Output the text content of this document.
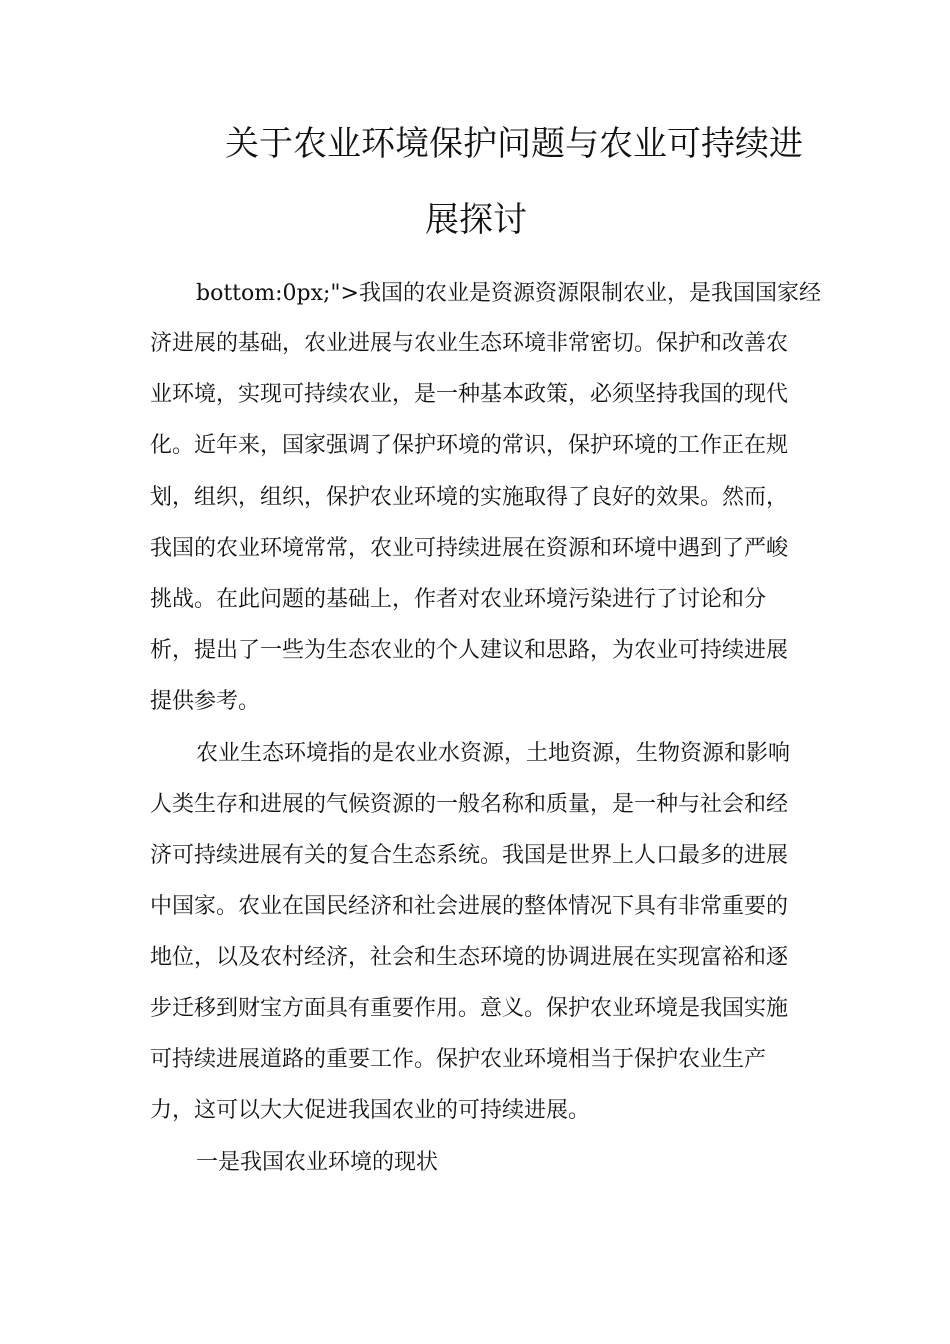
关于农业环境保护问题与农业可持续进
展探讨
bottom:0px;">我国的农业是资源资源限制农业，是我国国家经
济进展的基础，农业进展与农业生态环境非常密切。保护和改善农
业环境，实现可持续农业，是一种基本政策，必须坚持我国的现代
化。近年来，国家强调了保护环境的常识，保护环境的工作正在规
划，组织，组织，保护农业环境的实施取得了良好的效果。然而，
我国的农业环境常常，农业可持续进展在资源和环境中遇到了严峻
挑战。在此问题的基础上，作者对农业环境污染进行了讨论和分
析，提出了一些为生态农业的个人建议和思路，为农业可持续进展
提供参考。
农业生态环境指的是农业水资源，土地资源，生物资源和影响
人类生存和进展的气候资源的一般名称和质量，是一种与社会和经
济可持续进展有关的复合生态系统。我国是世界上人口最多的进展
中国家。农业在国民经济和社会进展的整体情况下具有非常重要的
地位，以及农村经济，社会和生态环境的协调进展在实现富裕和逐
步迁移到财宝方面具有重要作用。意义。保护农业环境是我国实施
可持续进展道路的重要工作。保护农业环境相当于保护农业生产
力，这可以大大促进我国农业的可持续进展。
一是我国农业环境的现状
